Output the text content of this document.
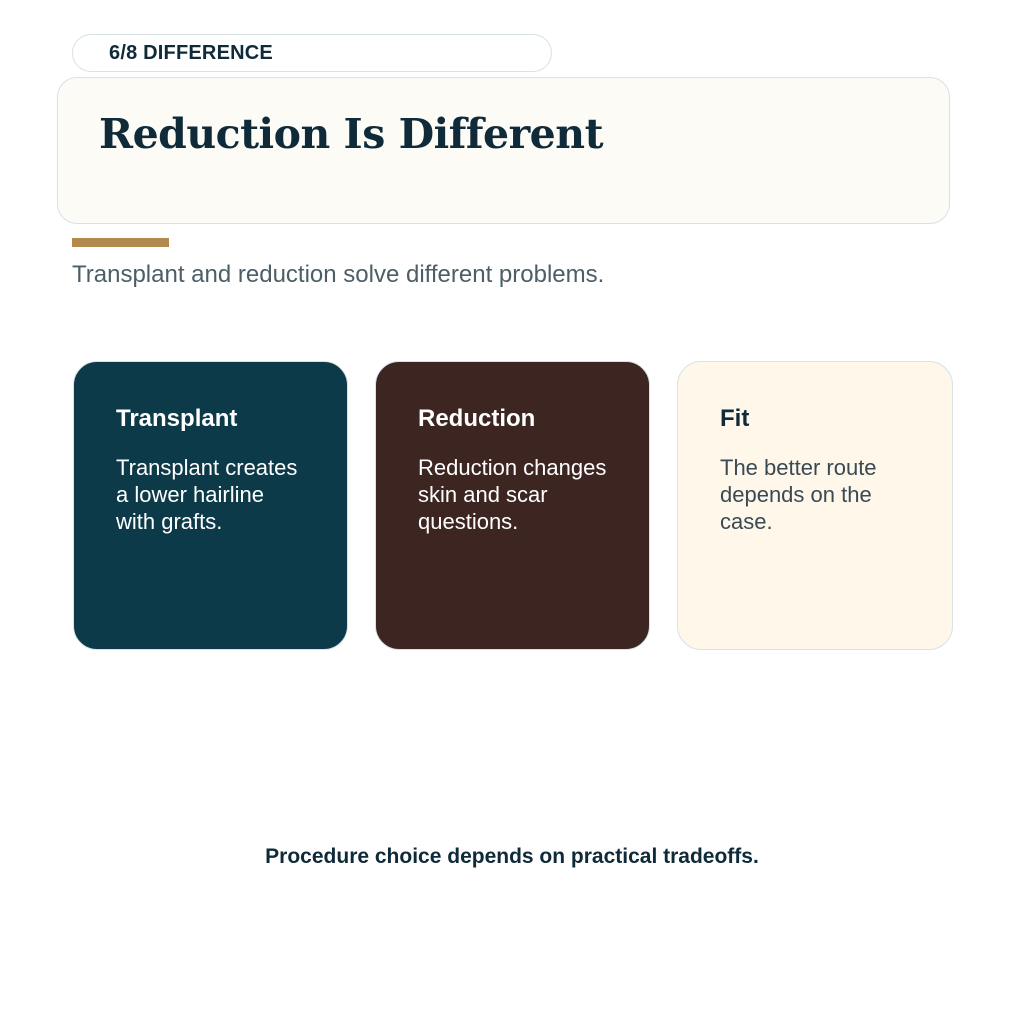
6/8 DIFFERENCE
Reduction Is Different

Transplant and reduction solve different problems.

Transplant

Transplant creates a lower hairline with grafts.

Reduction

Reduction changes skin and scar questions.

Fit

The better route depends on the case.

Procedure choice depends on practical tradeoffs.
